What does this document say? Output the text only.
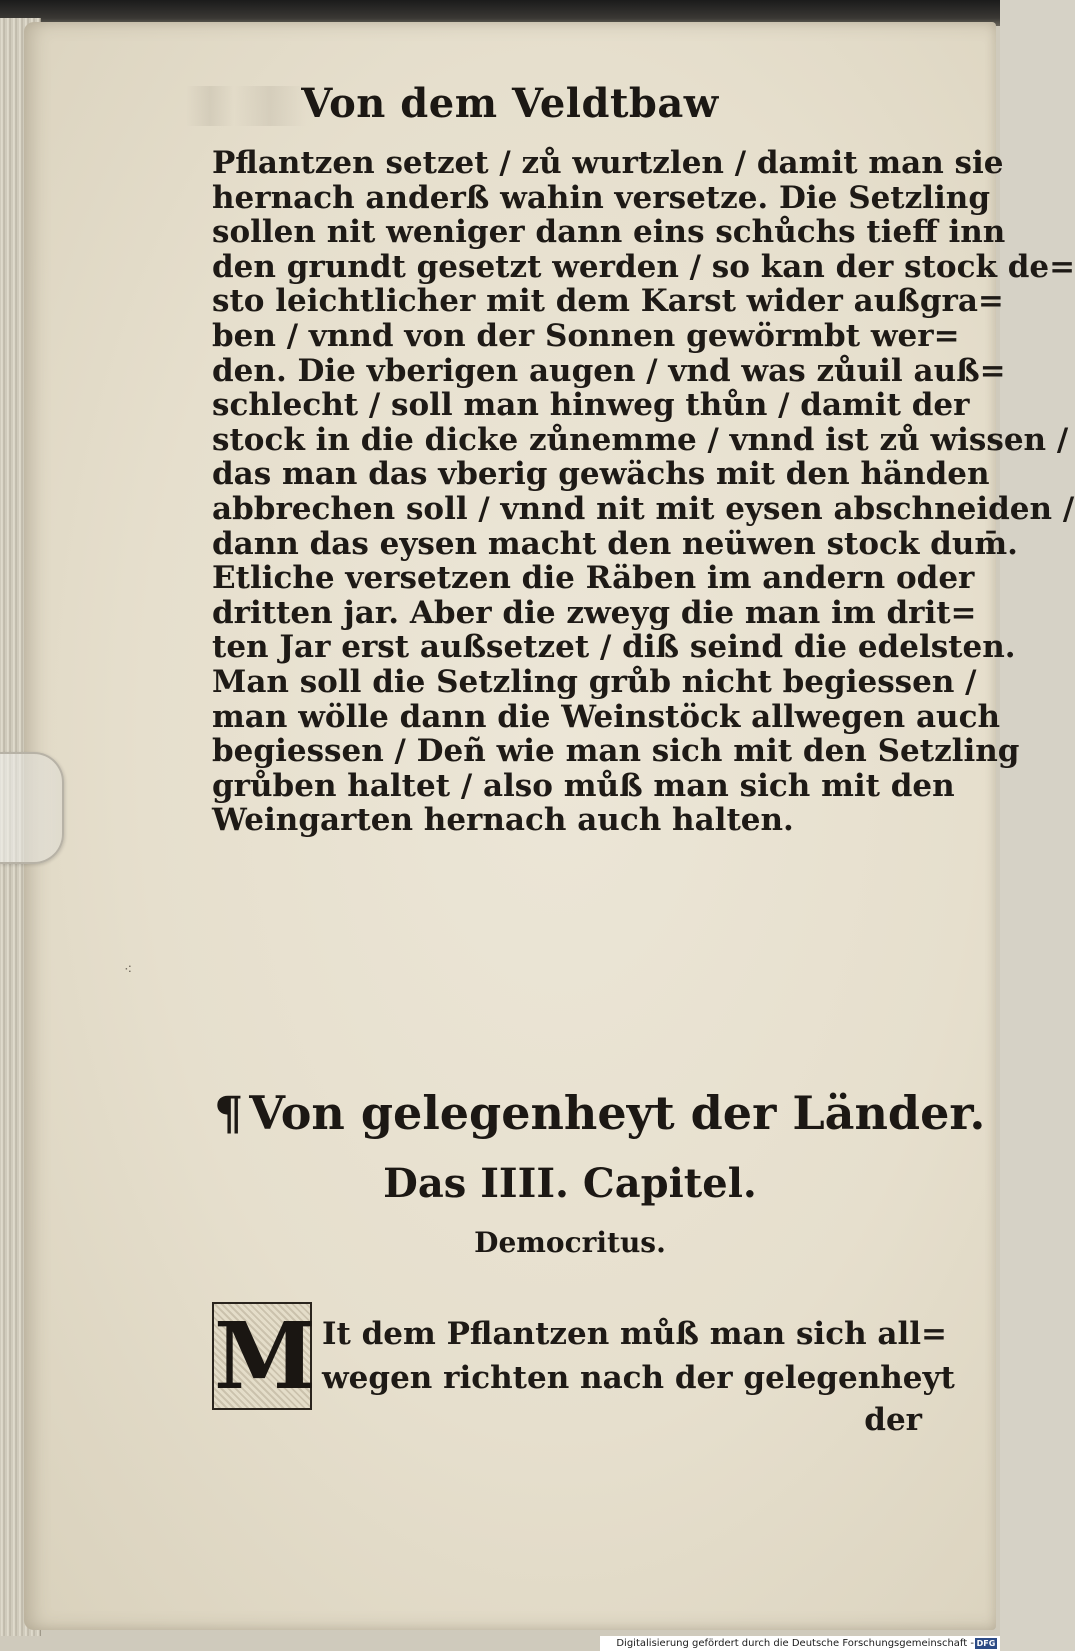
Von dem Veldtbaw
Pflantzen setzet / zů wurtzlen / damit man sie
hernach anderß wahin versetze. Die Setzling
sollen nit weniger dann eins schůchs tieff inn
den grundt gesetzt werden / so kan der stock de=
sto leichtlicher mit dem Karst wider außgra=
ben / vnnd von der Sonnen gewörmbt wer=
den. Die vberigen augen / vnd was zůuil auß=
schlecht / soll man hinweg thůn / damit der
stock in die dicke zůnemme / vnnd ist zů wissen /
das man das vberig gewächs mit den händen
abbrechen soll / vnnd nit mit eysen abschneiden /
dann das eysen macht den neüwen stock dum̄.
Etliche versetzen die Räben im andern oder
dritten jar. Aber die zweyg die man im drit=
ten Jar erst außsetzet / diß seind die edelsten.
Man soll die Setzling grůb nicht begiessen /
man wölle dann die Weinstöck allwegen auch
begiessen / Deñ wie man sich mit den Setzling
grůben haltet / also můß man sich mit den
Weingarten hernach auch halten.
⁖
¶ Von gelegenheyt der Länder.
Das IIII. Capitel.
Democritus.
M It dem Pflantzen můß man sich all=
wegen richten nach der gelegenheyt
der
Digitalisierung gefördert durch die Deutsche Forschungsgemeinschaft - DFG
